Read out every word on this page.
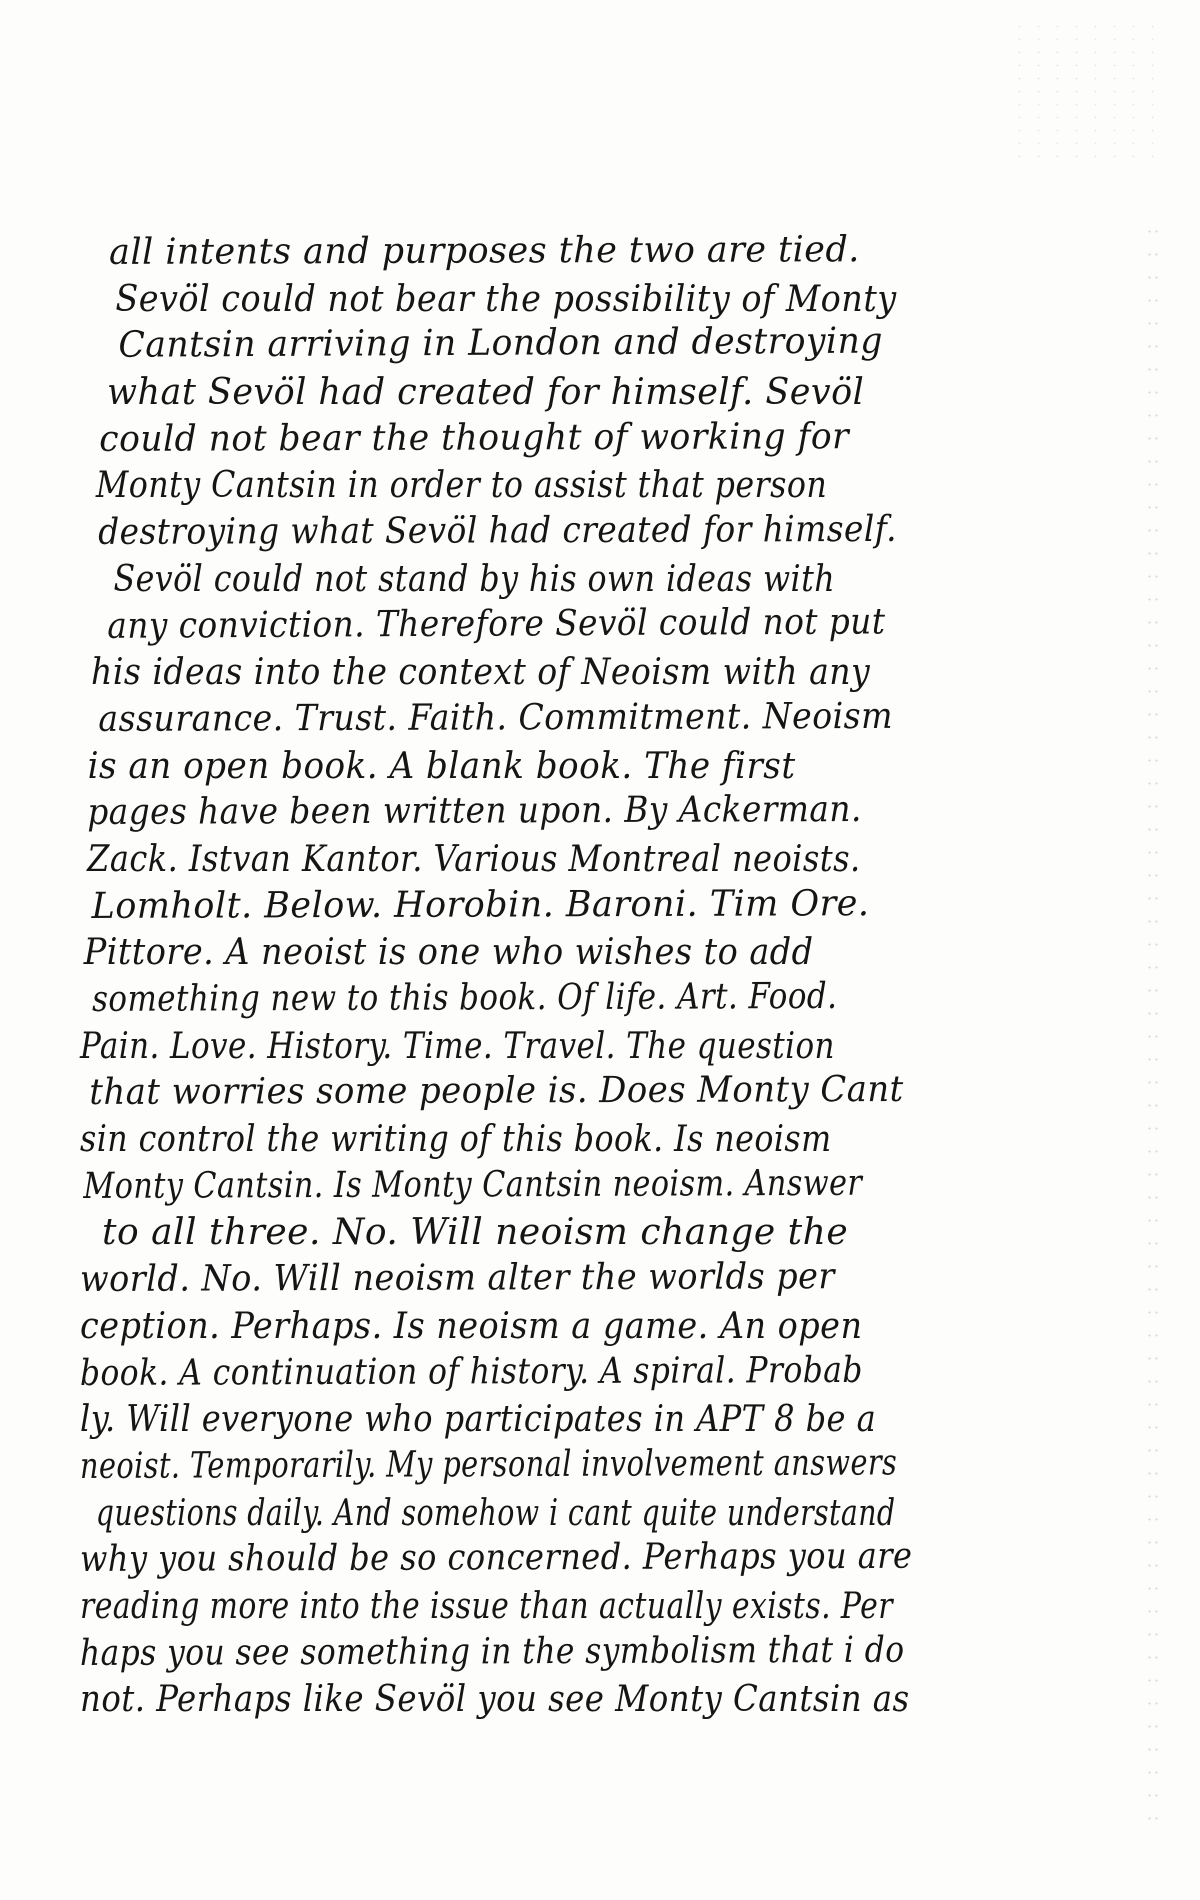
all intents and purposes the two are tied.
Sevöl could not bear the possibility of Monty
Cantsin arriving in London and destroying
what Sevöl had created for himself. Sevöl
could not bear the thought of working for
Monty Cantsin in order to assist that person
destroying what Sevöl had created for himself.
Sevöl could not stand by his own ideas with
any conviction. Therefore Sevöl could not put
his ideas into the context of Neoism with any
assurance. Trust. Faith. Commitment. Neoism
is an open book. A blank book. The first
pages have been written upon. By Ackerman.
Zack. Istvan Kantor. Various Montreal neoists.
Lomholt. Below. Horobin. Baroni. Tim Ore.
Pittore. A neoist is one who wishes to add
something new to this book. Of life. Art. Food.
Pain. Love. History. Time. Travel. The question
that worries some people is. Does Monty Cant
sin control the writing of this book. Is neoism
Monty Cantsin. Is Monty Cantsin neoism. Answer
to all three. No. Will neoism change the
world. No. Will neoism alter the worlds per
ception. Perhaps. Is neoism a game. An open
book. A continuation of history. A spiral. Probab
ly. Will everyone who participates in APT 8 be a
neoist. Temporarily. My personal involvement answers
questions daily. And somehow i cant quite understand
why you should be so concerned. Perhaps you are
reading more into the issue than actually exists. Per
haps you see something in the symbolism that i do
not. Perhaps like Sevöl you see Monty Cantsin as
